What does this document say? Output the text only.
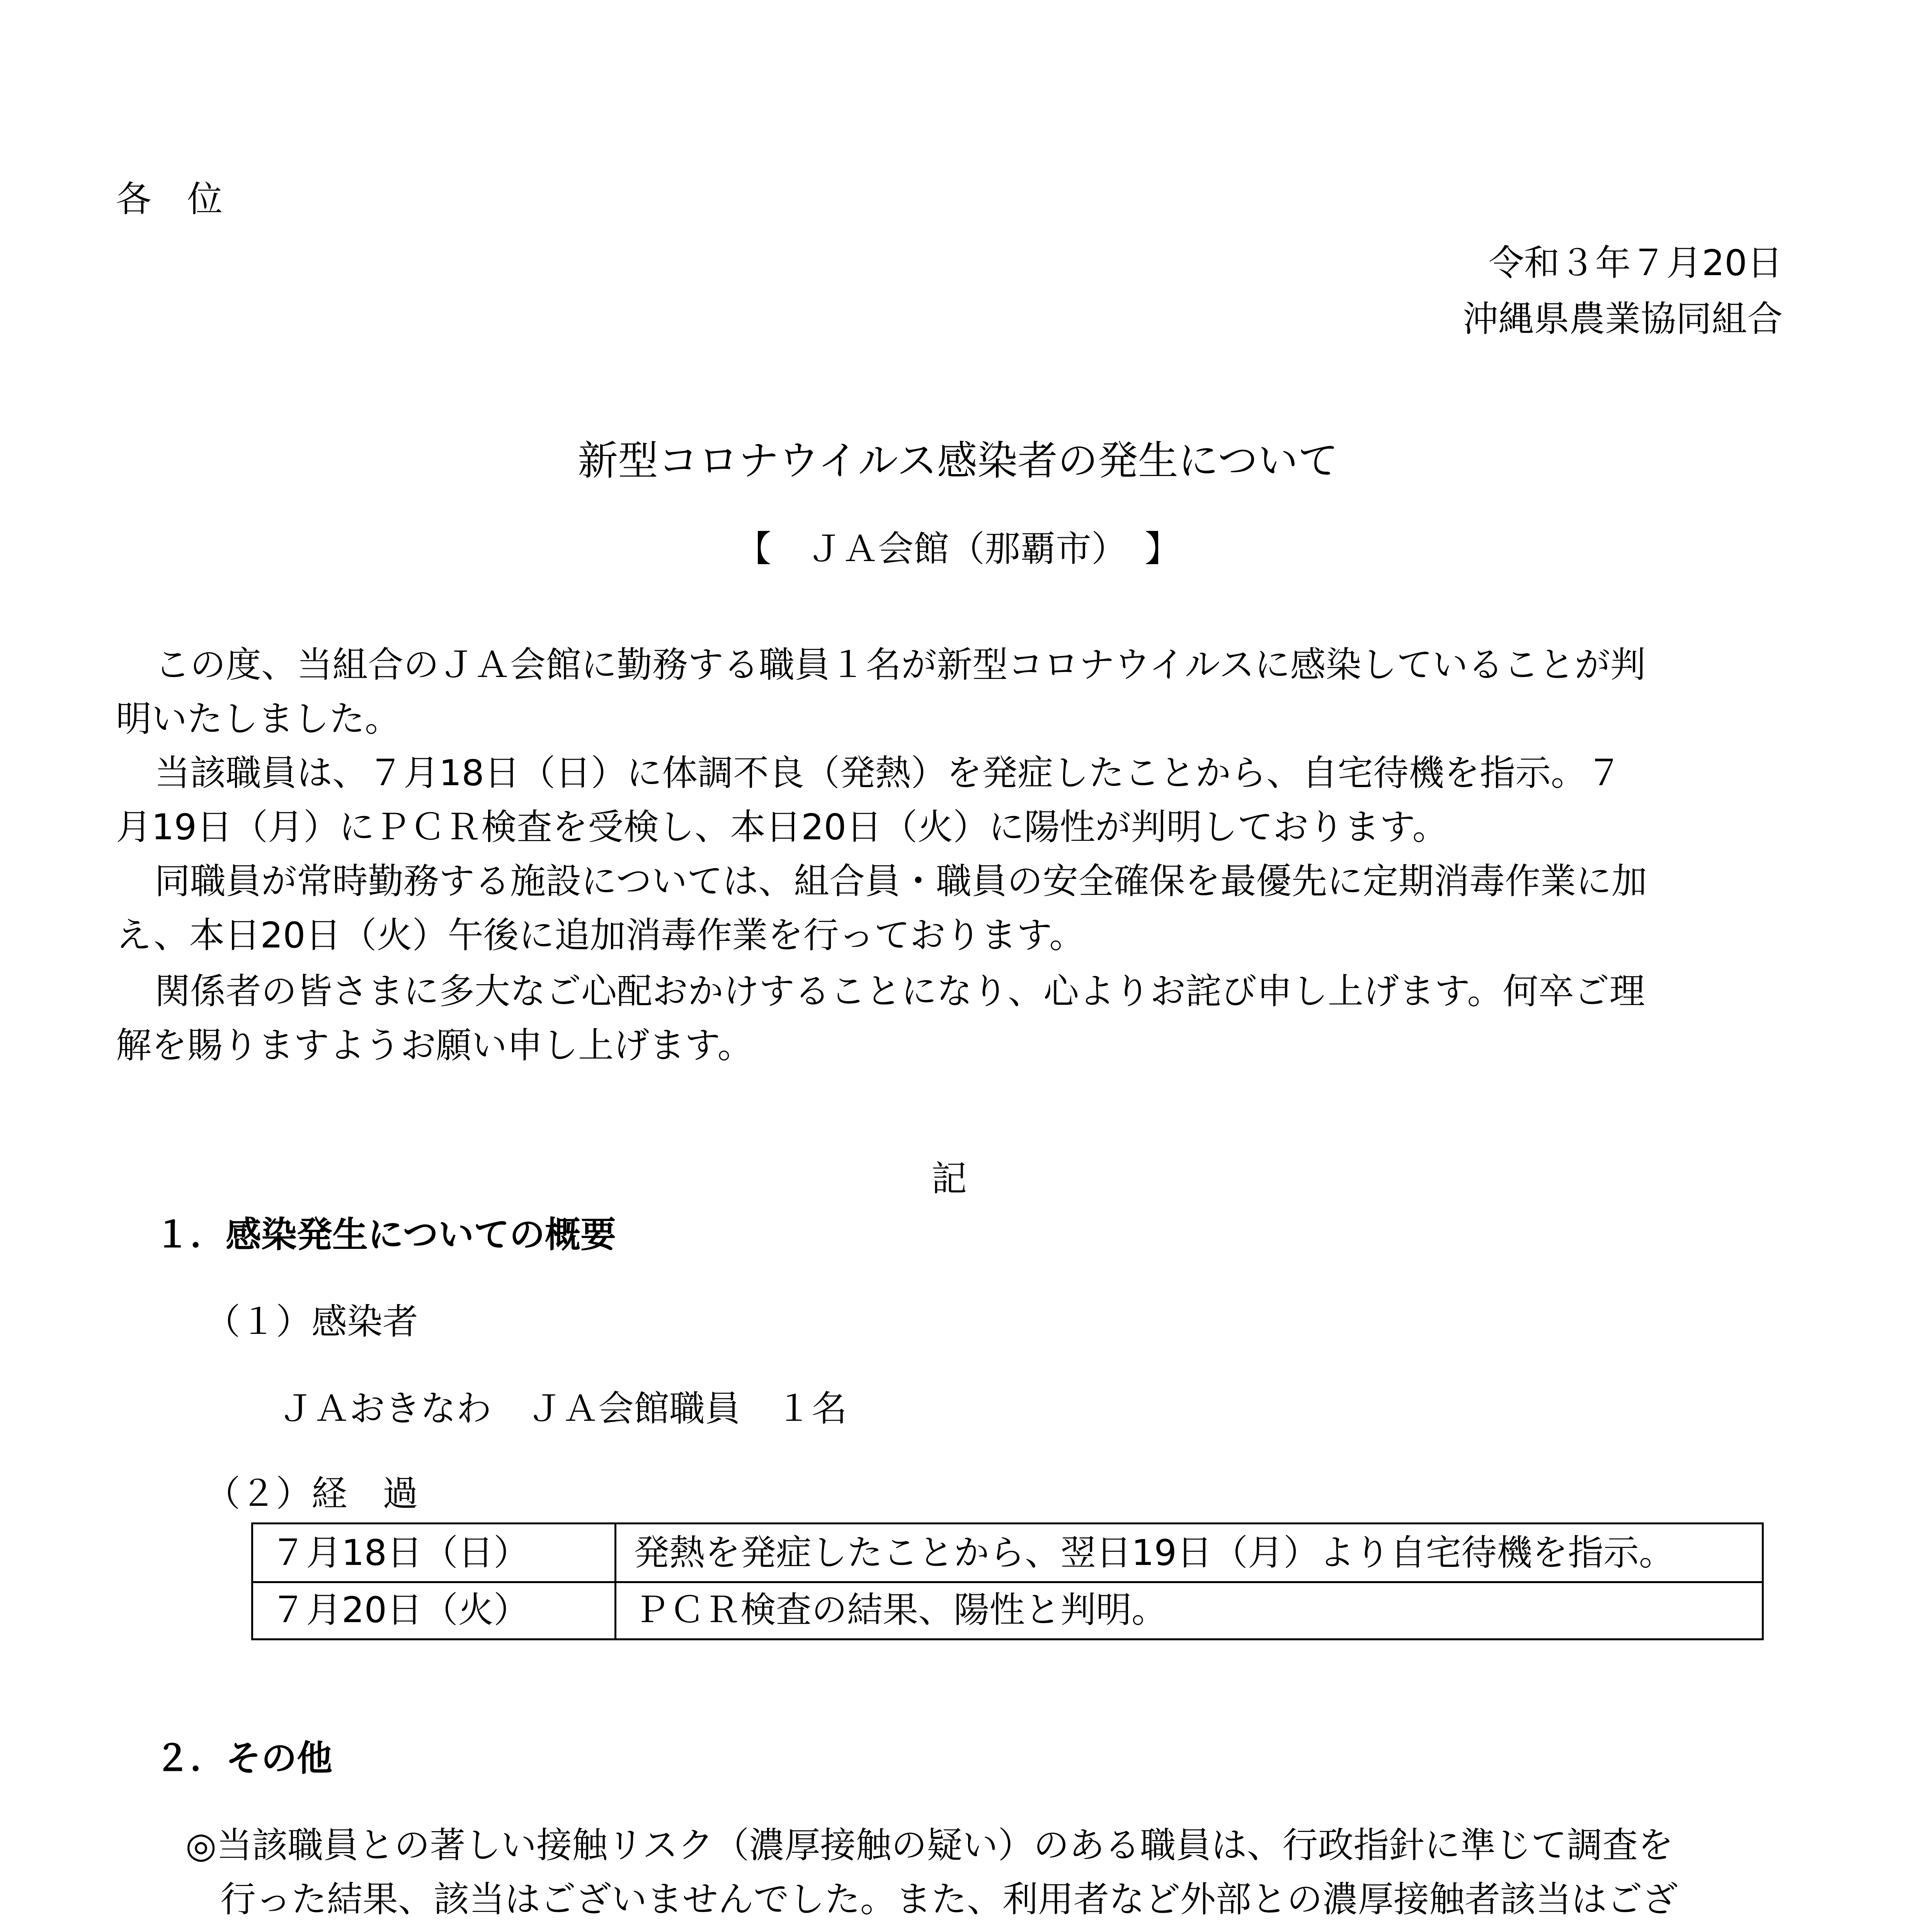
各　位
令和３年７月20日
沖縄県農業協同組合
新型コロナウイルス感染者の発生について
【　ＪＡ会館（那覇市）　】
この度、当組合のＪＡ会館に勤務する職員１名が新型コロナウイルスに感染していることが判
明いたしました。
当該職員は、７月18日（日）に体調不良（発熱）を発症したことから、自宅待機を指示。７
月19日（月）にＰＣＲ検査を受検し、本日20日（火）に陽性が判明しております。
同職員が常時勤務する施設については、組合員・職員の安全確保を最優先に定期消毒作業に加
え、本日20日（火）午後に追加消毒作業を行っております。
関係者の皆さまに多大なご心配おかけすることになり、心よりお詫び申し上げます。何卒ご理
解を賜りますようお願い申し上げます。
記
１．感染発生についての概要
（１）感染者
ＪＡおきなわ　ＪＡ会館職員　１名
（２）経　過
７月18日（日）	発熱を発症したことから、翌日19日（月）より自宅待機を指示。
７月20日（火）	ＰＣＲ検査の結果、陽性と判明。
２．その他
◎当該職員との著しい接触リスク（濃厚接触の疑い）のある職員は、行政指針に準じて調査を
行った結果、該当はございませんでした。また、利用者など外部との濃厚接触者該当はござ
